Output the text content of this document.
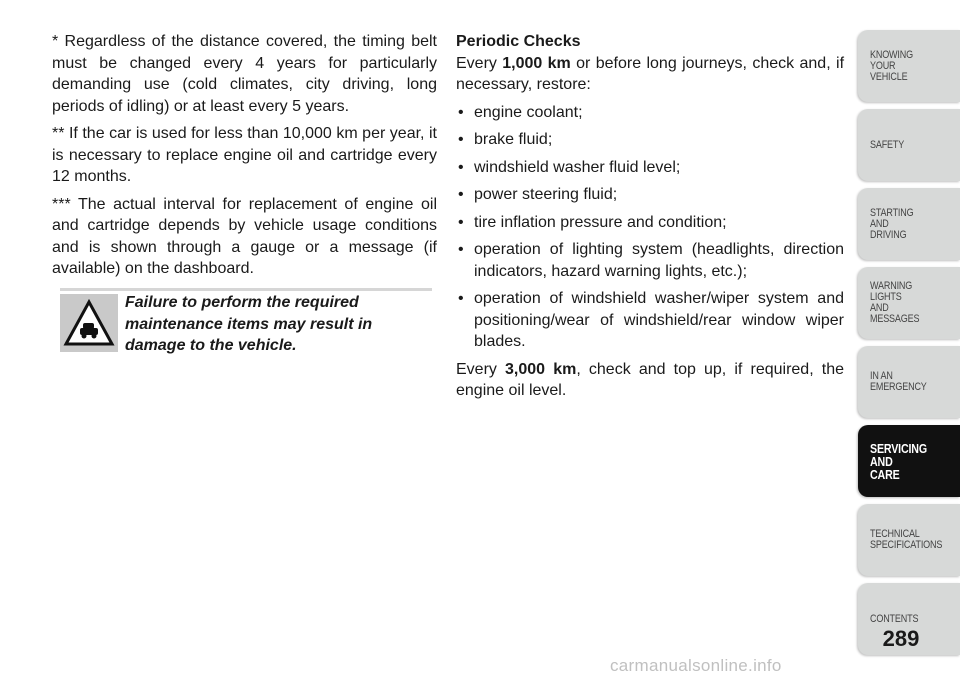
* Regardless of the distance covered, the timing belt must be changed every 4 years for particularly demanding use (cold climates, city driving, long periods of idling) or at least every 5 years.

** If the car is used for less than 10,000 km per year, it is necessary to replace engine oil and cartridge every 12 months.

*** The actual interval for replacement of engine oil and cartridge depends by vehicle usage conditions and is shown through a gauge or a message (if available) on the dashboard.

Failure to perform the required maintenance items may result in damage to the vehicle.

Periodic Checks

Every 1,000 km or before long journeys, check and, if necessary, restore:

• engine coolant;
• brake fluid;
• windshield washer fluid level;
• power steering fluid;
• tire inflation pressure and condition;
• operation of lighting system (headlights, direction indicators, hazard warning lights, etc.);
• operation of windshield washer/wiper system and positioning/wear of windshield/rear window wiper blades.

Every 3,000 km, check and top up, if required, the engine oil level.

KNOWING
YOUR
VEHICLE
SAFETY
STARTING
AND
DRIVING
WARNING
LIGHTS
AND
MESSAGES
IN AN
EMERGENCY
SERVICING
AND
CARE
TECHNICAL
SPECIFICATIONS
CONTENTS
289
carmanualsonline.info
